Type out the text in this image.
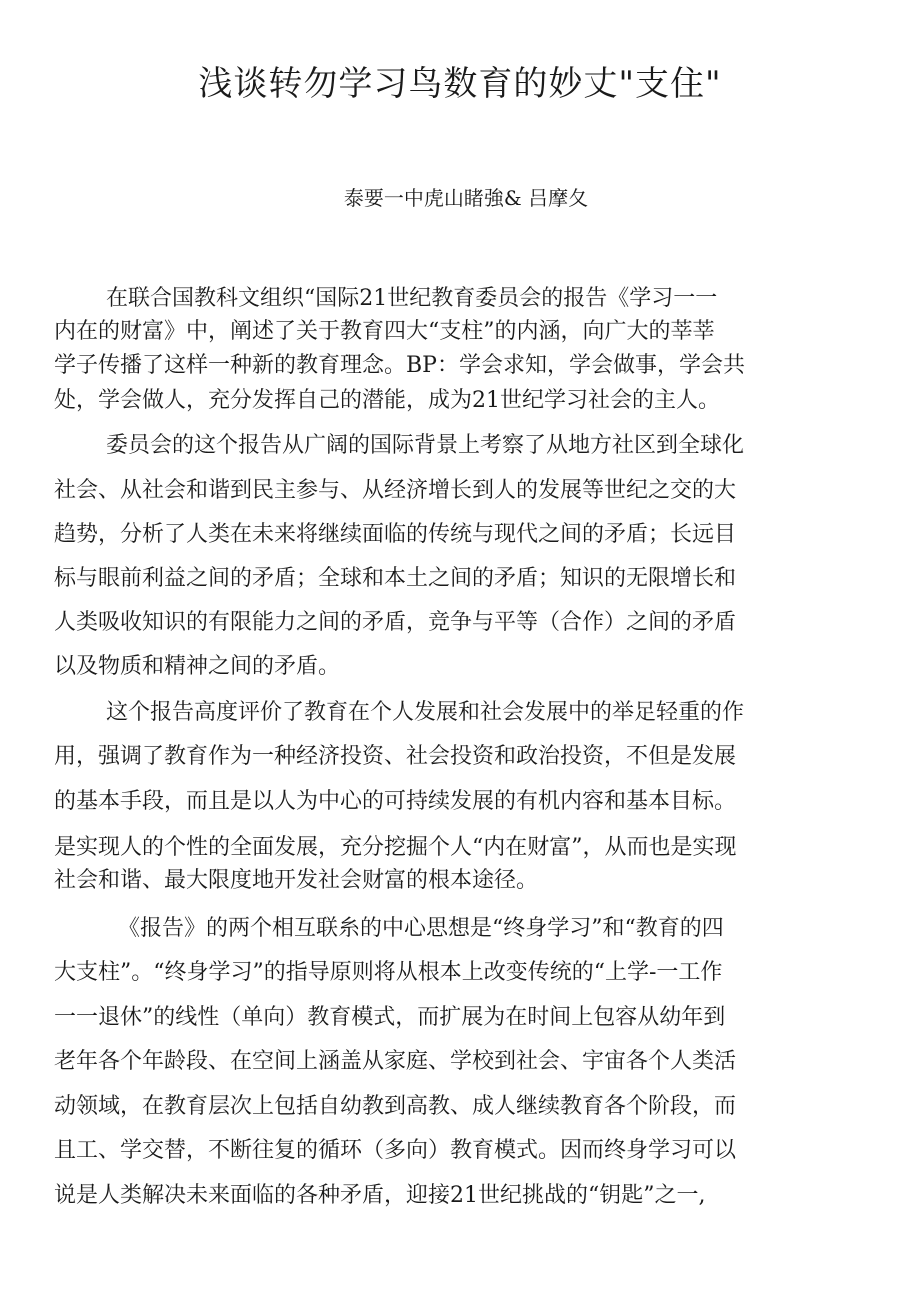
浅谈转勿学习鸟数育的妙丈"支住"

泰要一中虎山睹強& 吕摩夂

在联合国教科文组织“国际21世纪教育委员会的报告《学习一一

内在的财富》中，阐述了关于教育四大“支柱”的内涵，向广大的莘莘

学子传播了这样一种新的教育理念。BP：学会求知，学会做事，学会共

处，学会做人，充分发挥自己的潜能，成为21世纪学习社会的主人。

委员会的这个报告从广阔的国际背景上考察了从地方社区到全球化

社会、从社会和谐到民主参与、从经济增长到人的发展等世纪之交的大

趋势，分析了人类在未来将继续面临的传统与现代之间的矛盾；长远目

标与眼前利益之间的矛盾；全球和本土之间的矛盾；知识的无限增长和

人类吸收知识的有限能力之间的矛盾，竞争与平等（合作）之间的矛盾

以及物质和精神之间的矛盾。

这个报告高度评价了教育在个人发展和社会发展中的举足轻重的作

用，强调了教育作为一种经济投资、社会投资和政治投资，不但是发展

的基本手段，而且是以人为中心的可持续发展的有机内容和基本目标。

是实现人的个性的全面发展，充分挖掘个人“内在财富”，从而也是实现

社会和谐、最大限度地开发社会财富的根本途径。

《报告》的两个相互联糸的中心思想是“终身学习”和“教育的四

大支柱”。“终身学习”的指导原则将从根本上改变传统的“上学-一工作

一一退休”的线性（单向）教育模式，而扩展为在时间上包容从幼年到

老年各个年龄段、在空间上涵盖从家庭、学校到社会、宇宙各个人类活

动领域，在教育层次上包括自幼教到高教、成人继续教育各个阶段，而

且工、学交替，不断往复的循环（多向）教育模式。因而终身学习可以

说是人类解决未来面临的各种矛盾，迎接21世纪挑战的“钥匙”之一,
